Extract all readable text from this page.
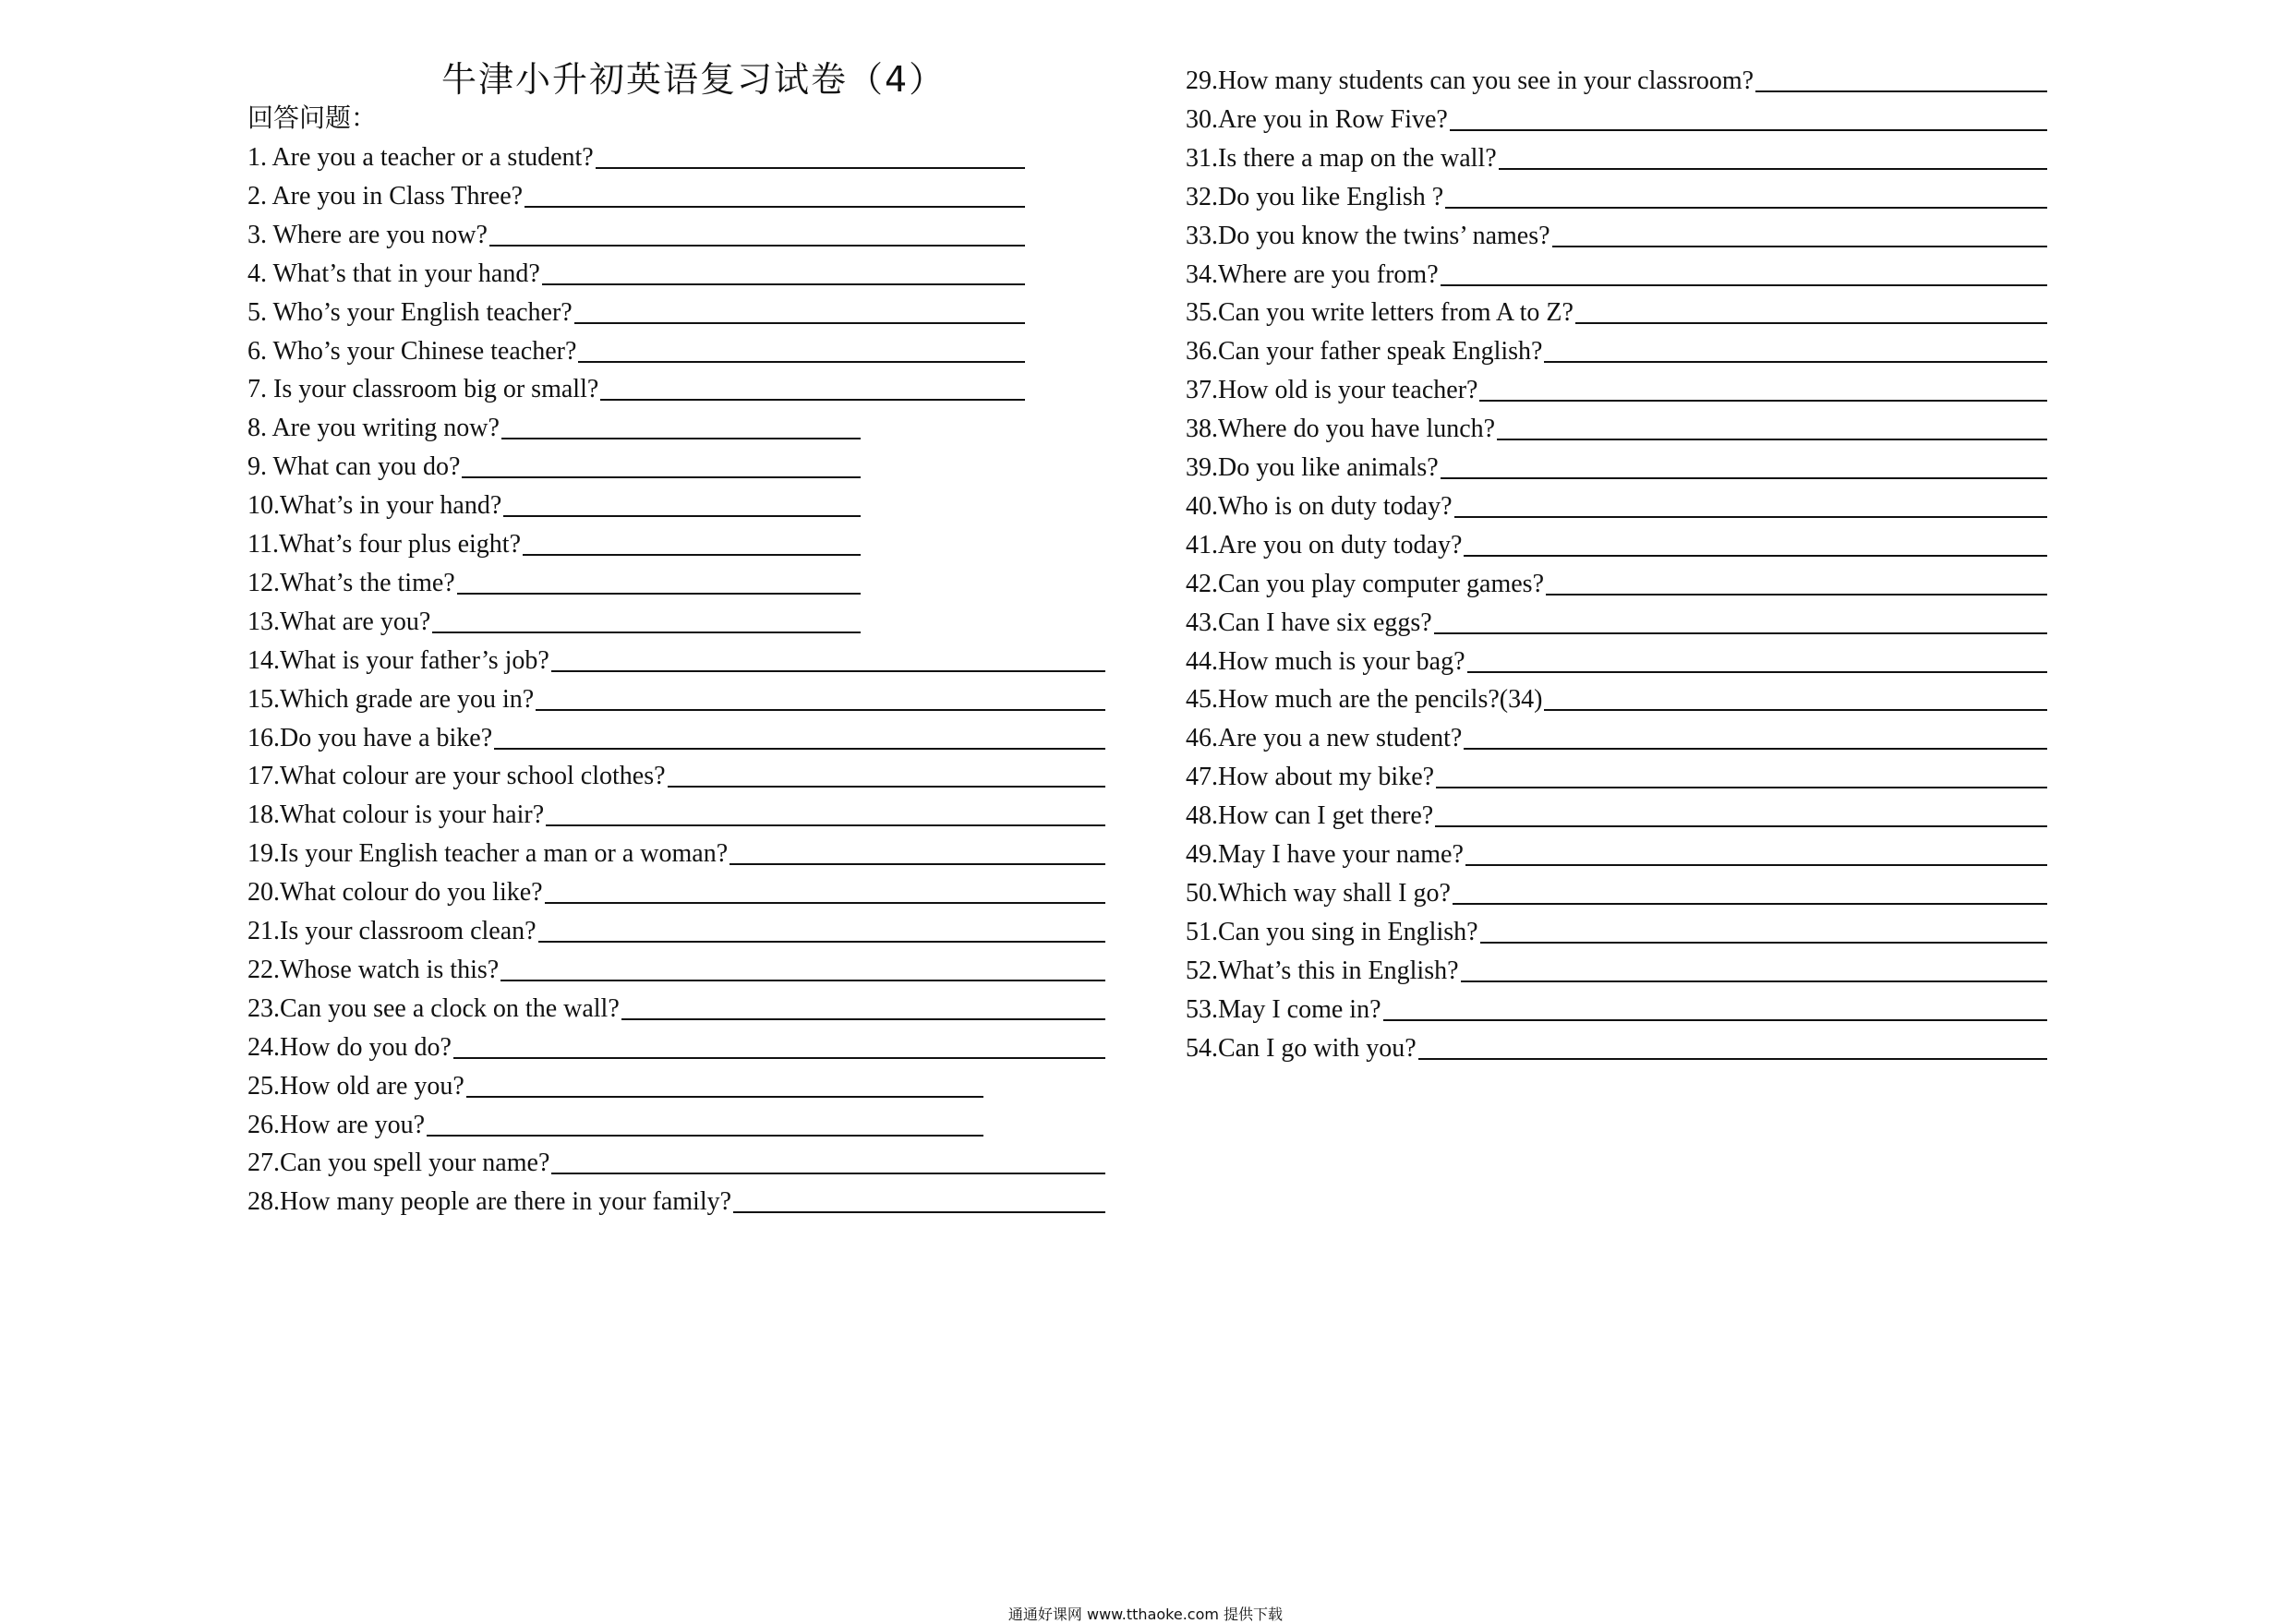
牛津小升初英语复习试卷（4）
回答问题：
1. Are you a teacher or a student?
2. Are you in Class Three?
3. Where are you now?
4. What’s that in your hand?
5. Who’s your English teacher?
6. Who’s your Chinese teacher?
7. Is your classroom big or small?
8. Are you writing now?
9. What can you do?
10.What’s in your hand?
11.What’s four plus eight?
12.What’s the time?
13.What are you?
14.What is your father’s job?
15.Which grade are you in?
16.Do you have a bike?
17.What colour are your school clothes?
18.What colour is your hair?
19.Is your English teacher a man or a woman?
20.What colour do you like?
21.Is your classroom clean?
22.Whose watch is this?
23.Can you see a clock on the wall?
24.How do you do?
25.How old are you?
26.How are you?
27.Can you spell your name?
28.How many people are there in your family?
29.How many students can you see in your classroom?
30.Are you in Row Five?
31.Is there a map on the wall?
32.Do you like English ?
33.Do you know the twins’ names?
34.Where are you from?
35.Can you write letters from A to Z?
36.Can your father speak English?
37.How old is your teacher?
38.Where do you have lunch?
39.Do you like animals?
40.Who is on duty today?
41.Are you on duty today?
42.Can you play computer games?
43.Can I have six eggs?
44.How much is your bag?
45.How much are the pencils?(34)
46.Are you a new student?
47.How about my bike?
48.How can I get there?
49.May I have your name?
50.Which way shall I go?
51.Can you sing in English?
52.What’s this in English?
53.May I come in?
54.Can I go with you?
通通好课网 www.tthaoke.com 提供下载
